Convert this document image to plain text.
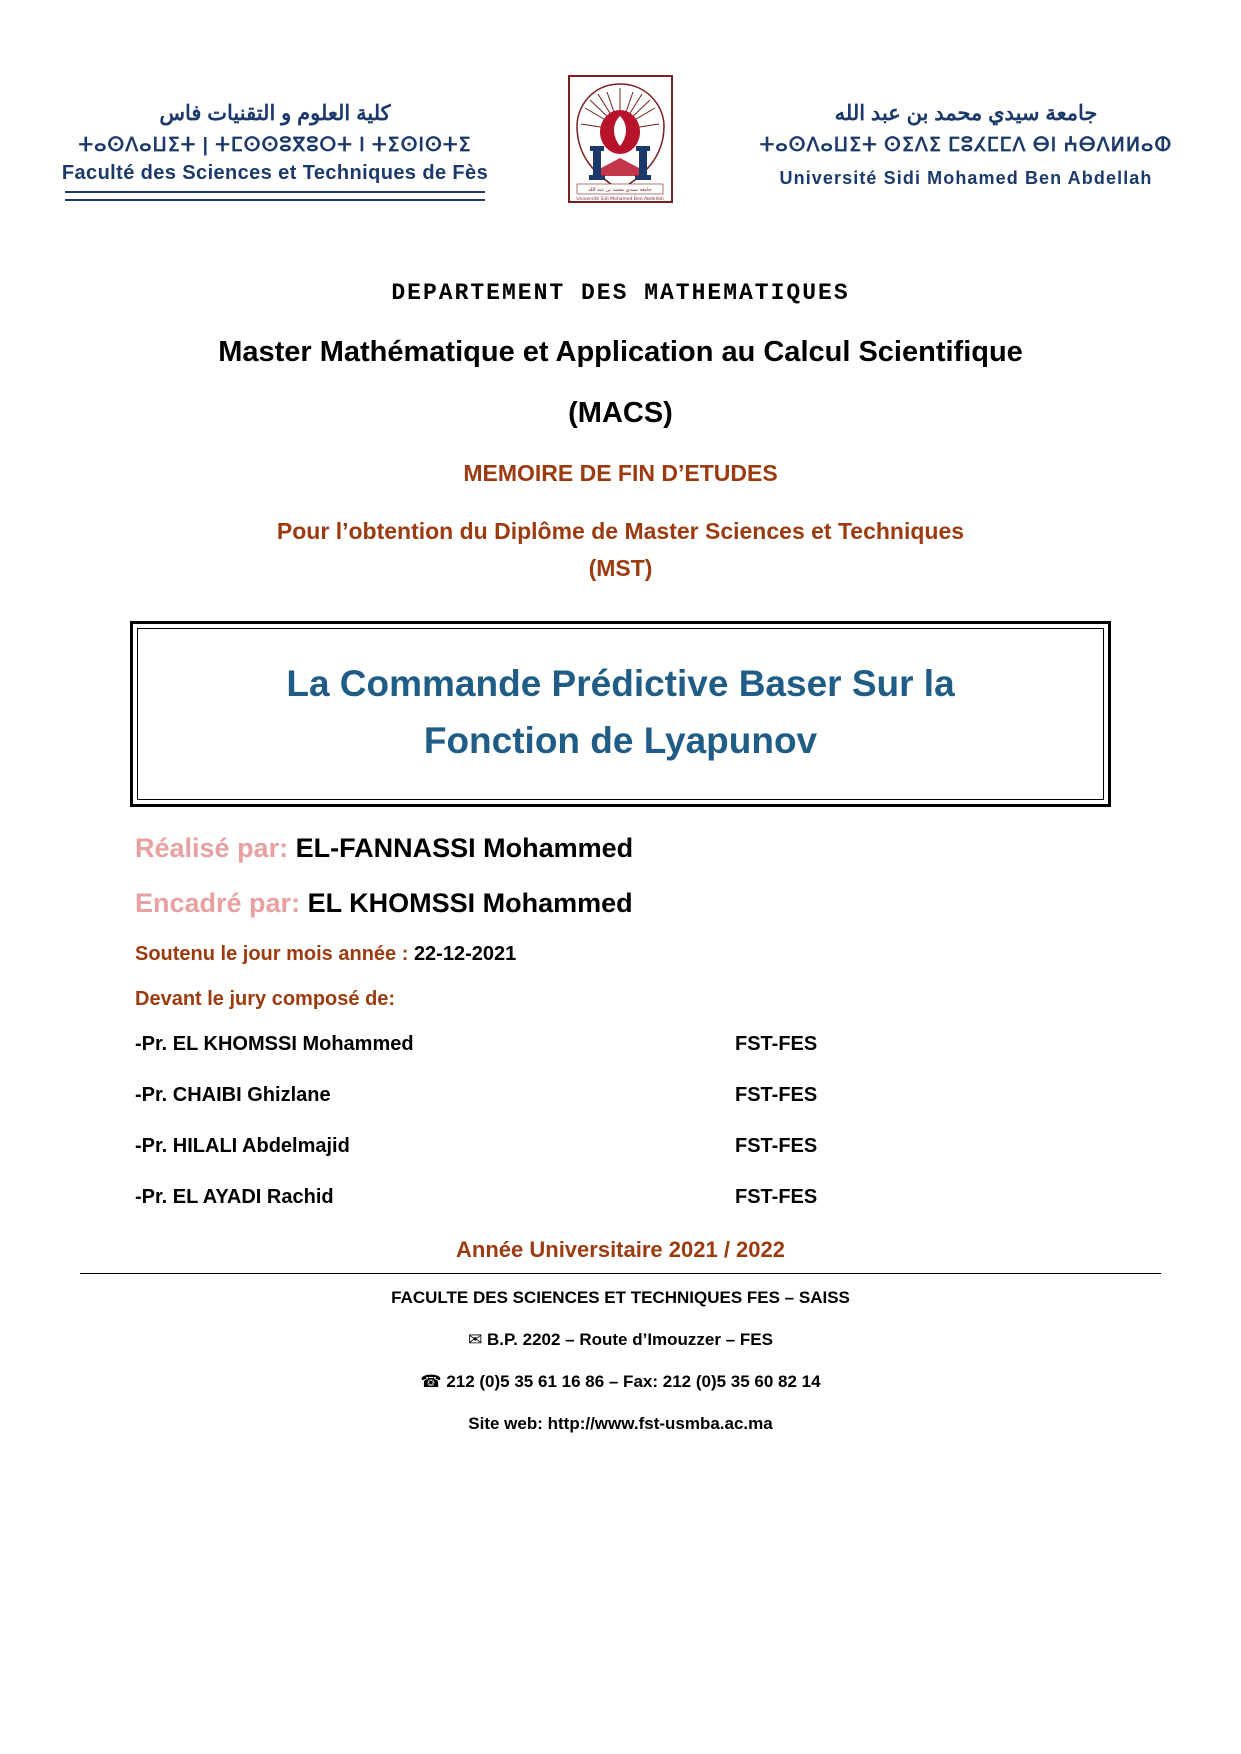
كلية العلوم و التقنيات فاس
ⵜⴰⵙⴷⴰⵡⵉⵜ | ⵜⵎⵙⵙⵓⴳⵓⵔⵜ ⵏ ⵜⵉⵙⵏⵙⵜⵉ
Faculté des Sciences et Techniques de Fès
جامعة سيدي محمد بن عبد الله
Université Sidi Mohamed Ben Abdellah
جامعة سيدي محمد بن عبد الله
ⵜⴰⵙⴷⴰⵡⵉⵜ ⵙⵉⴷⵉ ⵎⵓⵃⵎⵎⴷ ⴱⵏ ⵄⴱⴷⵍⵍⴰⵀ
Université Sidi Mohamed Ben Abdellah
DEPARTEMENT DES MATHEMATIQUES
Master Mathématique et Application au Calcul Scientifique
(MACS)
MEMOIRE DE FIN D’ETUDES
Pour l’obtention du Diplôme de Master Sciences et Techniques
(MST)
La Commande Prédictive Baser Sur la
Fonction de Lyapunov
Réalisé par: EL-FANNASSI Mohammed
Encadré par: EL KHOMSSI Mohammed
Soutenu le jour mois année : 22-12-2021
Devant le jury composé de:
-Pr. EL KHOMSSI Mohammed	FST-FES
-Pr. CHAIBI Ghizlane	FST-FES
-Pr. HILALI Abdelmajid	FST-FES
-Pr. EL AYADI Rachid	FST-FES
Année Universitaire 2021 / 2022
FACULTE DES SCIENCES ET TECHNIQUES FES – SAISS
✉ B.P. 2202 – Route d’Imouzzer – FES
☎ 212 (0)5 35 61 16 86 – Fax: 212 (0)5 35 60 82 14
Site web: http://www.fst-usmba.ac.ma
